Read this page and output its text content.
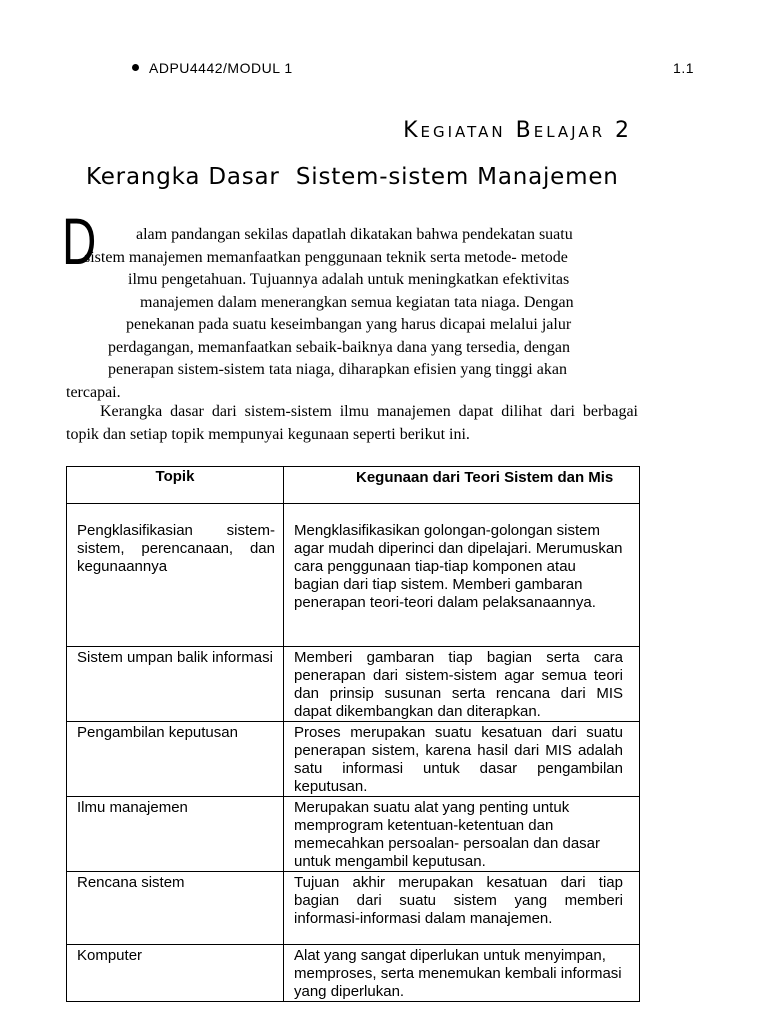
ADPU4442/MODUL 1	1.1
Kegiatan Belajar 2
Kerangka Dasar  Sistem-sistem Manajemen
D	alam pandangan sekilas dapatlah dikatakan bahwa pendekatan suatu
sistem manajemen memanfaatkan penggunaan teknik serta metode- metode
ilmu pengetahuan. Tujuannya adalah untuk meningkatkan efektivitas
manajemen dalam menerangkan semua kegiatan tata niaga. Dengan
penekanan pada suatu keseimbangan yang harus dicapai melalui jalur
perdagangan, memanfaatkan sebaik-baiknya dana yang tersedia, dengan
penerapan sistem-sistem tata niaga, diharapkan efisien yang tinggi akan
tercapai.
Kerangka dasar dari sistem-sistem ilmu manajemen dapat dilihat dari berbagai topik dan setiap topik mempunyai kegunaan seperti berikut ini.
Topik	Kegunaan dari Teori Sistem dan Mis
Pengklasifikasian sistem- sistem, perencanaan, dan kegunaannya	Mengklasifikasikan golongan-golongan sistem agar mudah diperinci dan dipelajari. Merumuskan cara penggunaan tiap-tiap komponen atau bagian dari tiap sistem. Memberi gambaran penerapan teori-teori dalam pelaksanaannya.
Sistem umpan balik informasi	Memberi gambaran tiap bagian serta cara penerapan dari sistem-sistem agar semua teori dan prinsip susunan serta rencana dari MIS dapat dikembangkan dan diterapkan.
Pengambilan keputusan	Proses merupakan suatu kesatuan dari suatu penerapan sistem, karena hasil dari MIS adalah satu informasi untuk dasar pengambilan keputusan.
Ilmu manajemen	Merupakan suatu alat yang penting untuk memprogram ketentuan-ketentuan dan memecahkan persoalan- persoalan dan dasar untuk mengambil keputusan.
Rencana sistem	Tujuan akhir merupakan kesatuan dari tiap bagian dari suatu sistem yang memberi informasi-informasi dalam manajemen.
Komputer	Alat yang sangat diperlukan untuk menyimpan, memproses, serta menemukan kembali informasi yang diperlukan.
